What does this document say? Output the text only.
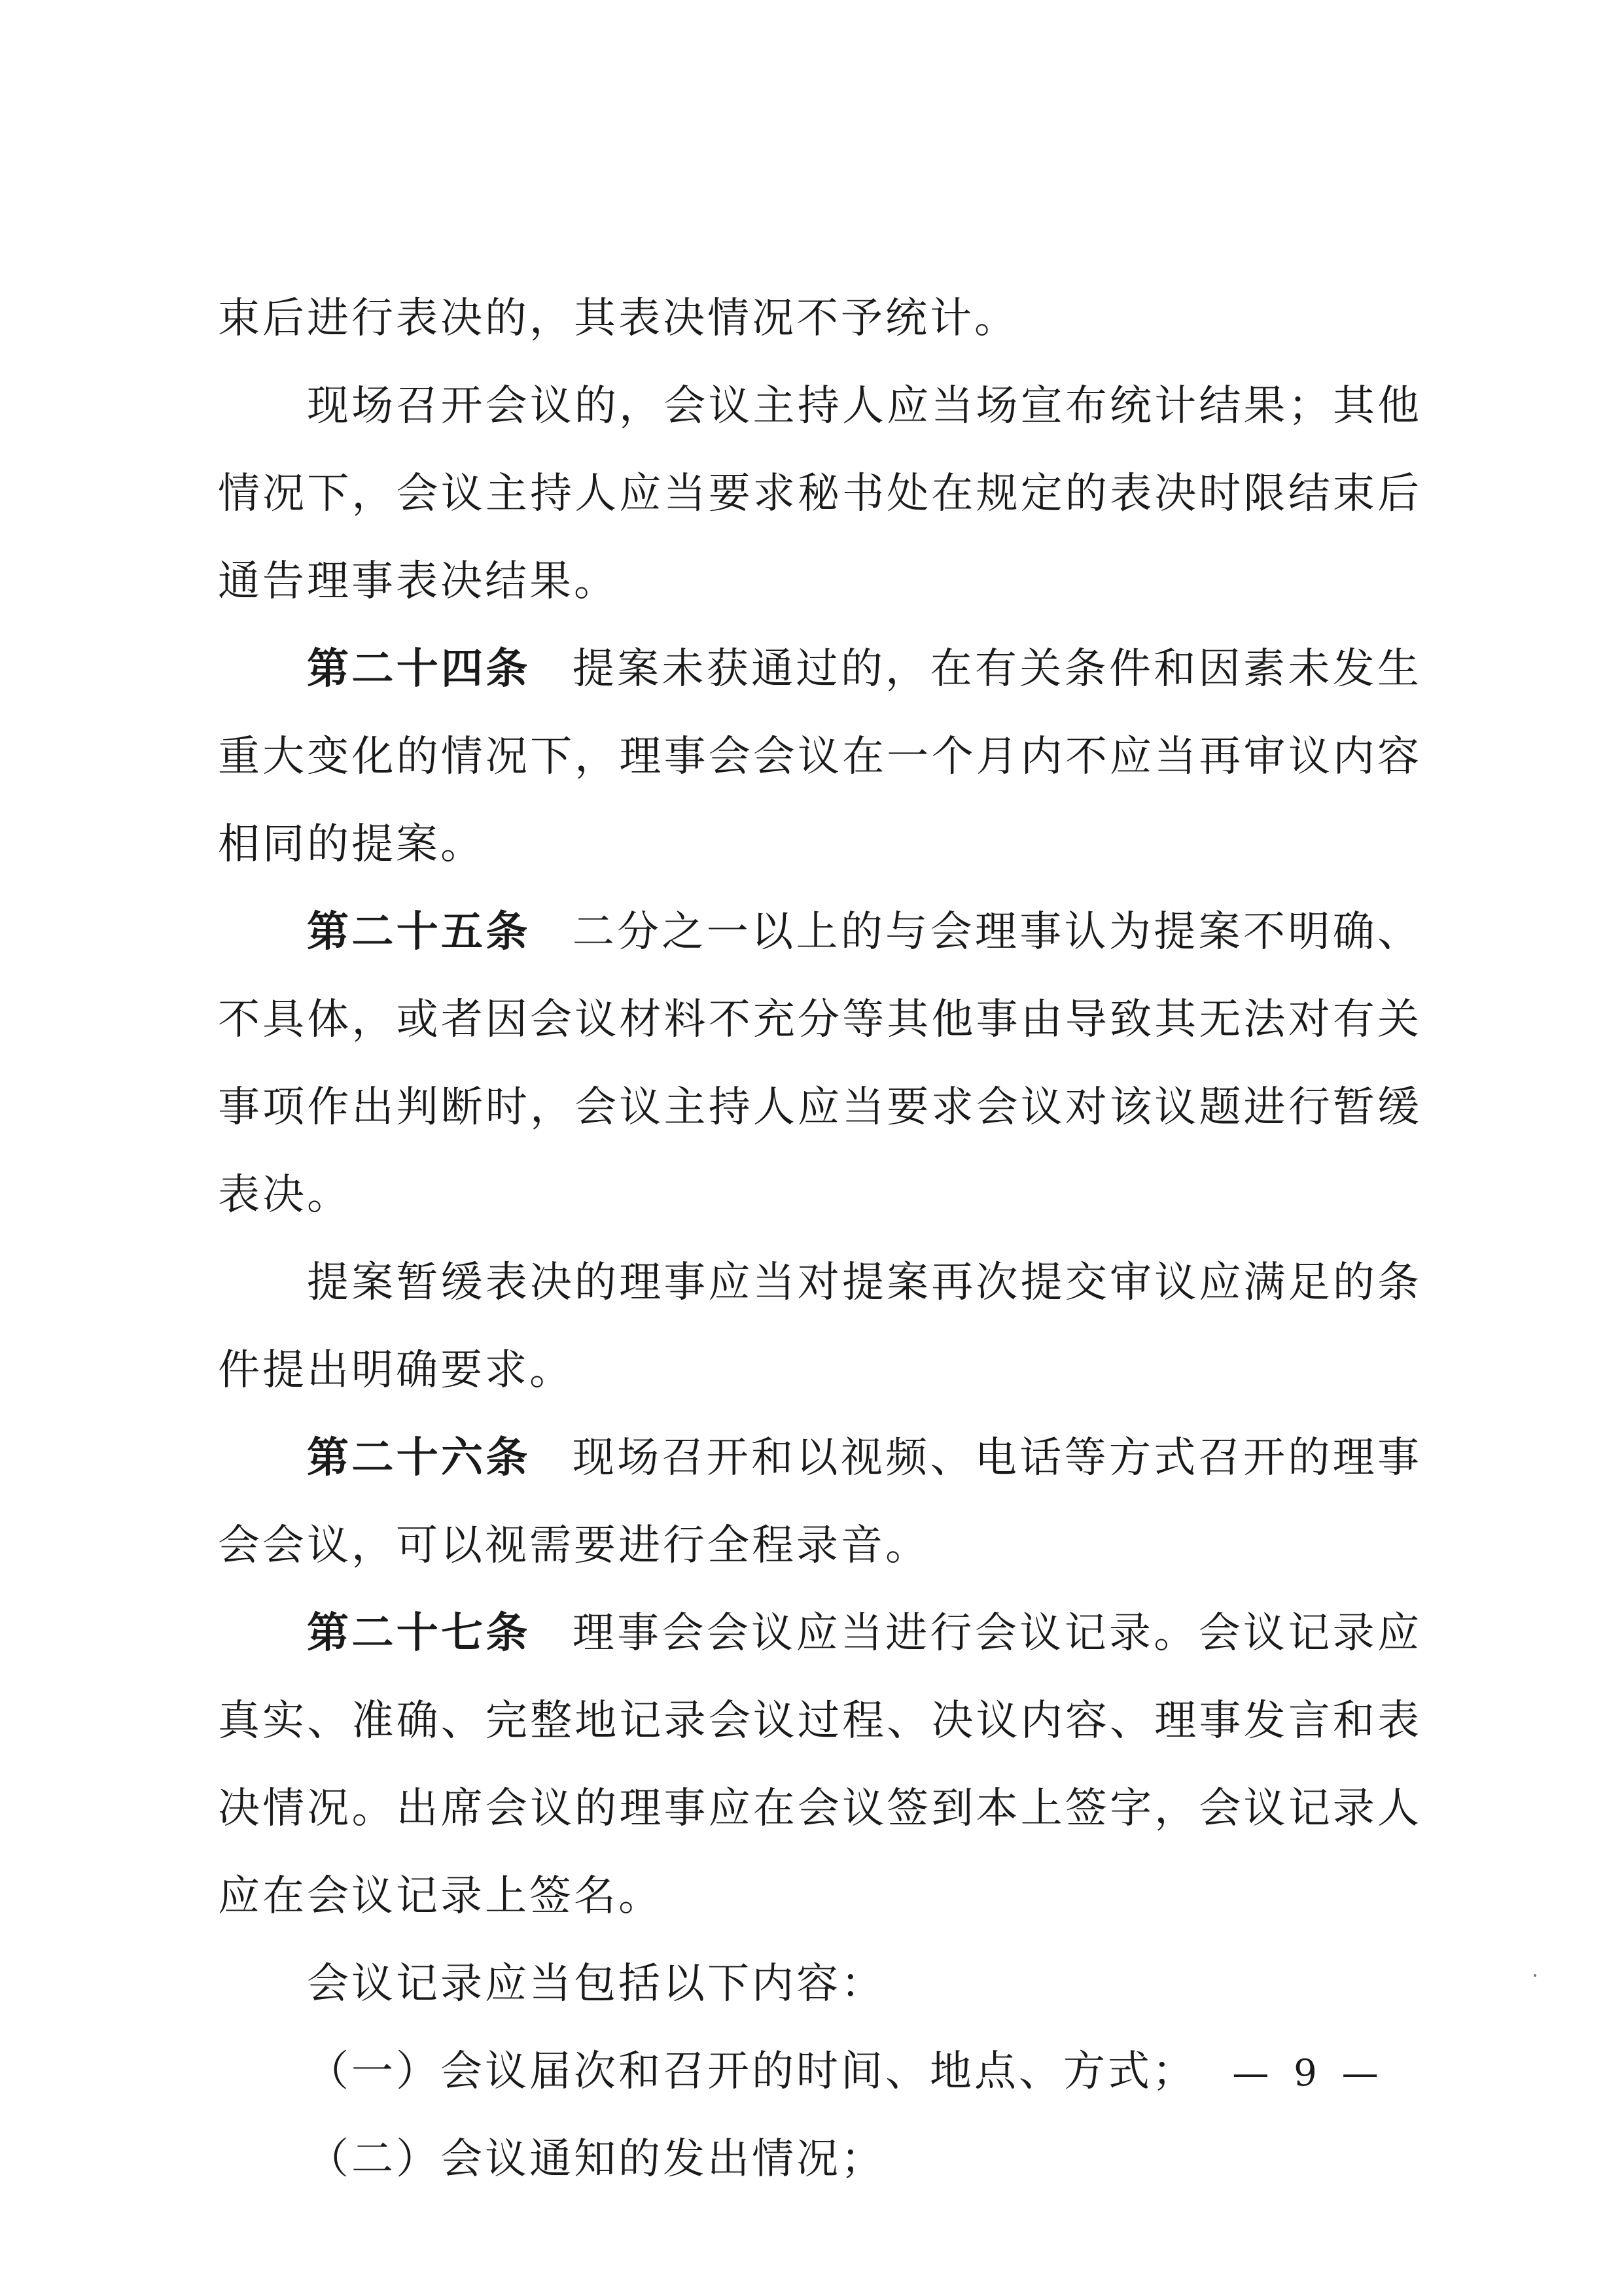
束后进行表决的，其表决情况不予统计。

现场召开会议的，会议主持人应当场宣布统计结果；其他情况下，会议主持人应当要求秘书处在规定的表决时限结束后通告理事表决结果。

第二十四条 提案未获通过的，在有关条件和因素未发生重大变化的情况下，理事会会议在一个月内不应当再审议内容相同的提案。

第二十五条 二分之一以上的与会理事认为提案不明确、不具体，或者因会议材料不充分等其他事由导致其无法对有关事项作出判断时，会议主持人应当要求会议对该议题进行暂缓表决。

提案暂缓表决的理事应当对提案再次提交审议应满足的条件提出明确要求。

第二十六条 现场召开和以视频、电话等方式召开的理事会会议，可以视需要进行全程录音。

第二十七条 理事会会议应当进行会议记录。会议记录应真实、准确、完整地记录会议过程、决议内容、理事发言和表决情况。出席会议的理事应在会议签到本上签字，会议记录人应在会议记录上签名。

会议记录应当包括以下内容：

（一）会议届次和召开的时间、地点、方式；

（二）会议通知的发出情况；

— 9 —
